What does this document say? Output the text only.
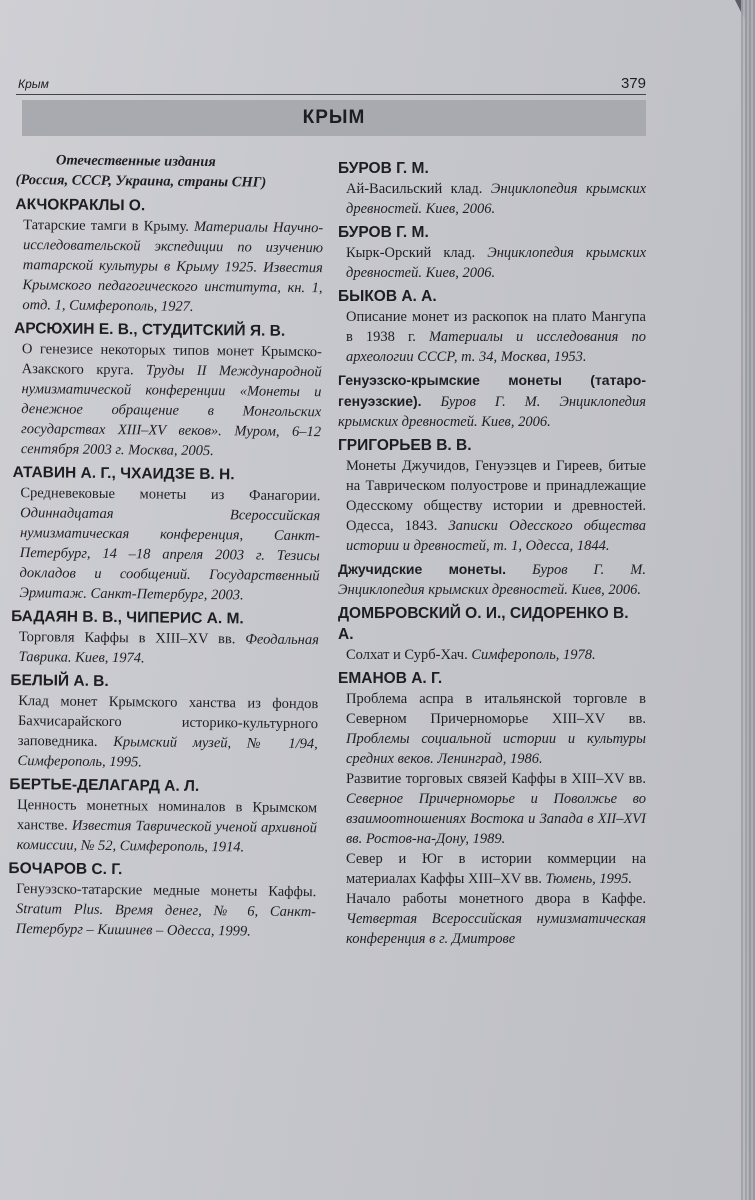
Крым	379
КРЫМ
Отечественные издания
(Россия, СССР, Украина, страны СНГ)
АКЧОКРАКЛЫ О.
Татарские тамги в Крыму. Материалы Научно-исследовательской экспедиции по изучению татарской культуры в Крыму 1925. Известия Крымского педагогического института, кн. 1, отд. 1, Симферополь, 1927.
АРСЮХИН Е. В., СТУДИТСКИЙ Я. В.
О генезисе некоторых типов монет Крымско-Азакского круга. Труды II Международной нумизматической конференции «Монеты и денежное обращение в Монгольских государствах XIII–XV веков». Муром, 6–12 сентября 2003 г. Москва, 2005.
АТАВИН А. Г., ЧХАИДЗЕ В. Н.
Средневековые монеты из Фанагории. Одиннадцатая Всероссийская нумизматическая конференция, Санкт-Петербург, 14 –18 апреля 2003 г. Тезисы докладов и сообщений. Государственный Эрмитаж. Санкт-Петербург, 2003.
БАДАЯН В. В., ЧИПЕРИС А. М.
Торговля Каффы в XIII–XV вв. Феодальная Таврика. Киев, 1974.
БЕЛЫЙ А. В.
Клад монет Крымского ханства из фондов Бахчисарайского историко-культурного заповедника. Крымский музей, № 1/94, Симферополь, 1995.
БЕРТЬЕ-ДЕЛАГАРД А. Л.
Ценность монетных номиналов в Крымском ханстве. Известия Таврической ученой архивной комиссии, № 52, Симферополь, 1914.
БОЧАРОВ С. Г.
Генуэзско-татарские медные монеты Каффы. Stratum Plus. Время денег, № 6, Санкт-Петербург – Кишинев – Одесса, 1999.
БУРОВ Г. М.
Ай-Васильский клад. Энциклопедия крымских древностей. Киев, 2006.
БУРОВ Г. М.
Кырк-Орский клад. Энциклопедия крымских древностей. Киев, 2006.
БЫКОВ А. А.
Описание монет из раскопок на плато Мангупа в 1938 г. Материалы и исследования по археологии СССР, т. 34, Москва, 1953.
Генуэзско-крымские монеты (татаро-генуэзские). Буров Г. М. Энциклопедия крымских древностей. Киев, 2006.
ГРИГОРЬЕВ В. В.
Монеты Джучидов, Генуэзцев и Гиреев, битые на Таврическом полуострове и принадлежащие Одесскому обществу истории и древностей. Одесса, 1843. Записки Одесского общества истории и древностей, т. 1, Одесса, 1844.
Джучидские монеты. Буров Г. М. Энциклопедия крымских древностей. Киев, 2006.
ДОМБРОВСКИЙ О. И., СИДОРЕНКО В. А.
Солхат и Сурб-Хач. Симферополь, 1978.
ЕМАНОВ А. Г.
Проблема аспра в итальянской торговле в Северном Причерноморье XIII–XV вв. Проблемы социальной истории и культуры средних веков. Ленинград, 1986.
Развитие торговых связей Каффы в XIII–XV вв. Северное Причерноморье и Поволжье во взаимоотношениях Востока и Запада в XII–XVI вв. Ростов-на-Дону, 1989.
Север и Юг в истории коммерции на материалах Каффы XIII–XV вв. Тюмень, 1995.
Начало работы монетного двора в Каффе. Четвертая Всероссийская нумизматическая конференция в г. Дмитрове
